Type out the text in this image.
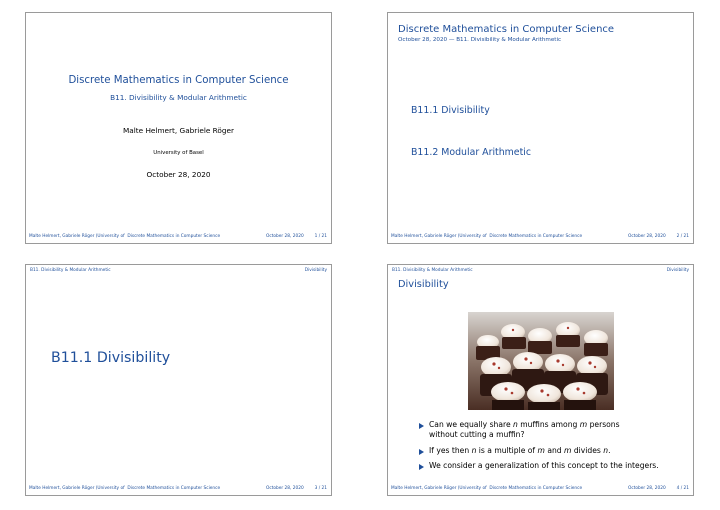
Discrete Mathematics in Computer Science
B11. Divisibility & Modular Arithmetic
Malte Helmert, Gabriele Röger
University of Basel
October 28, 2020
Malte Helmert, Gabriele Röger (University of Discrete Mathematics in Computer Science	October 28, 2020	1 / 21
Discrete Mathematics in Computer Science
October 28, 2020 — B11. Divisibility & Modular Arithmetic
B11.1 Divisibility
B11.2 Modular Arithmetic
Malte Helmert, Gabriele Röger (University of Discrete Mathematics in Computer Science	October 28, 2020	2 / 21
B11. Divisibility & Modular Arithmetic	Divisibility
B11.1 Divisibility
Malte Helmert, Gabriele Röger (University of Discrete Mathematics in Computer Science	October 28, 2020	3 / 21
B11. Divisibility & Modular Arithmetic	Divisibility
Divisibility
Can we equally share n muffins among m persons
without cutting a muffin?
If yes then n is a multiple of m and m divides n.
We consider a generalization of this concept to the integers.
Malte Helmert, Gabriele Röger (University of Discrete Mathematics in Computer Science	October 28, 2020	4 / 21
